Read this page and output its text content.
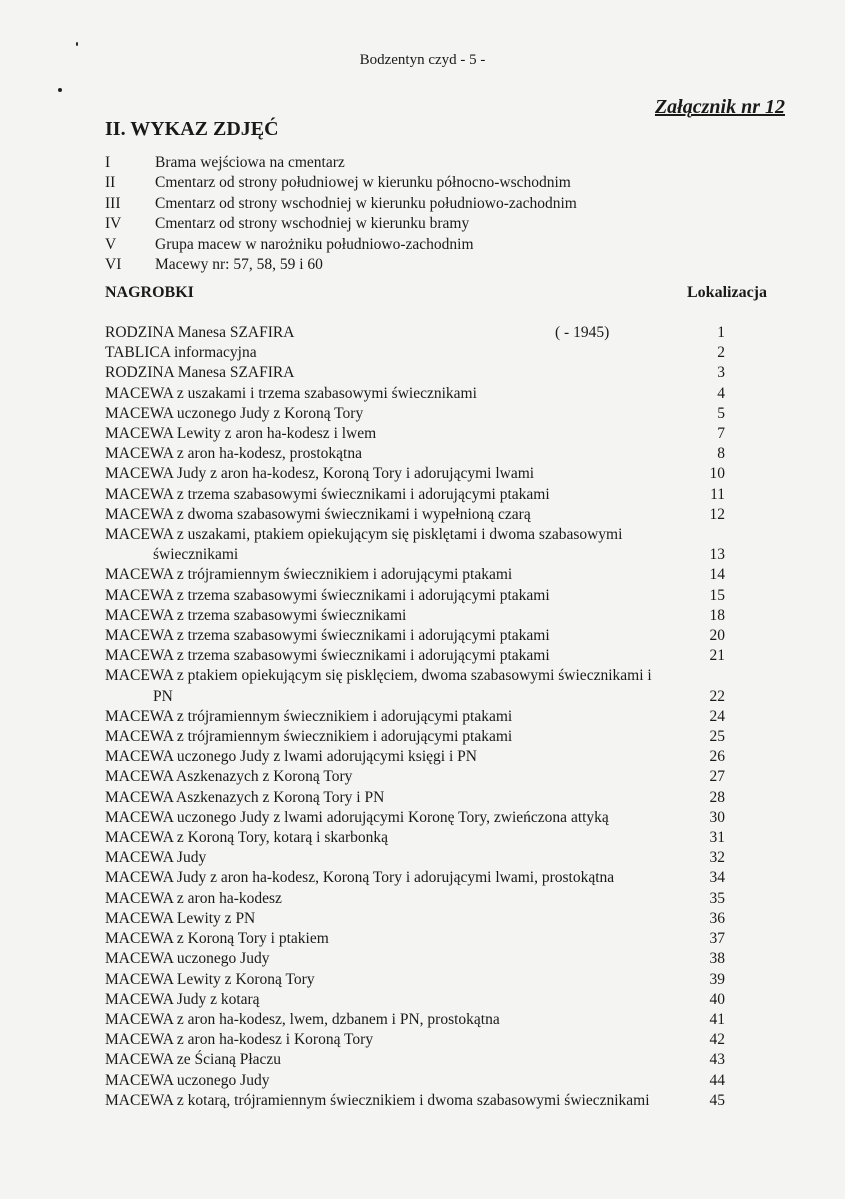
Bodzentyn czyd - 5 -
Załącznik nr 12
II. WYKAZ ZDJĘĆ
I	Brama wejściowa na cmentarz
II	Cmentarz od strony południowej w kierunku północno-wschodnim
III	Cmentarz od strony wschodniej w kierunku południowo-zachodnim
IV	Cmentarz od strony wschodniej w kierunku bramy
V	Grupa macew w narożniku południowo-zachodnim
VI	Macewy nr: 57, 58, 59 i 60
NAGROBKI	Lokalizacja
RODZINA Manesa SZAFIRA	( - 1945)	1
TABLICA informacyjna	2
RODZINA Manesa SZAFIRA	3
MACEWA z uszakami i trzema szabasowymi świecznikami	4
MACEWA uczonego Judy z Koroną Tory	5
MACEWA Lewity z aron ha-kodesz i lwem	7
MACEWA z aron ha-kodesz, prostokątna	8
MACEWA Judy z aron ha-kodesz, Koroną Tory i adorującymi lwami	10
MACEWA z trzema szabasowymi świecznikami i adorującymi ptakami	11
MACEWA z dwoma szabasowymi świecznikami i wypełnioną czarą	12
MACEWA z uszakami, ptakiem opiekującym się pisklętami i dwoma szabasowymi świecznikami	13
MACEWA z trójramiennym świecznikiem i adorującymi ptakami	14
MACEWA z trzema szabasowymi świecznikami i adorującymi ptakami	15
MACEWA z trzema szabasowymi świecznikami	18
MACEWA z trzema szabasowymi świecznikami i adorującymi ptakami	20
MACEWA z trzema szabasowymi świecznikami i adorującymi ptakami	21
MACEWA z ptakiem opiekującym się pisklęciem, dwoma szabasowymi świecznikami i PN	22
MACEWA z trójramiennym świecznikiem i adorującymi ptakami	24
MACEWA z trójramiennym świecznikiem i adorującymi ptakami	25
MACEWA uczonego Judy z lwami adorującymi księgi i PN	26
MACEWA Aszkenazych z Koroną Tory	27
MACEWA Aszkenazych z Koroną Tory i PN	28
MACEWA uczonego Judy z lwami adorującymi Koronę Tory, zwieńczona attyką	30
MACEWA z Koroną Tory, kotarą i skarbonką	31
MACEWA Judy	32
MACEWA Judy z aron ha-kodesz, Koroną Tory i adorującymi lwami, prostokątna	34
MACEWA z aron ha-kodesz	35
MACEWA Lewity z PN	36
MACEWA z Koroną Tory i ptakiem	37
MACEWA uczonego Judy	38
MACEWA Lewity z Koroną Tory	39
MACEWA Judy z kotarą	40
MACEWA z aron ha-kodesz, lwem, dzbanem i PN, prostokątna	41
MACEWA z aron ha-kodesz i Koroną Tory	42
MACEWA ze Ścianą Płaczu	43
MACEWA uczonego Judy	44
MACEWA z kotarą, trójramiennym świecznikiem i dwoma szabasowymi świecznikami	45
